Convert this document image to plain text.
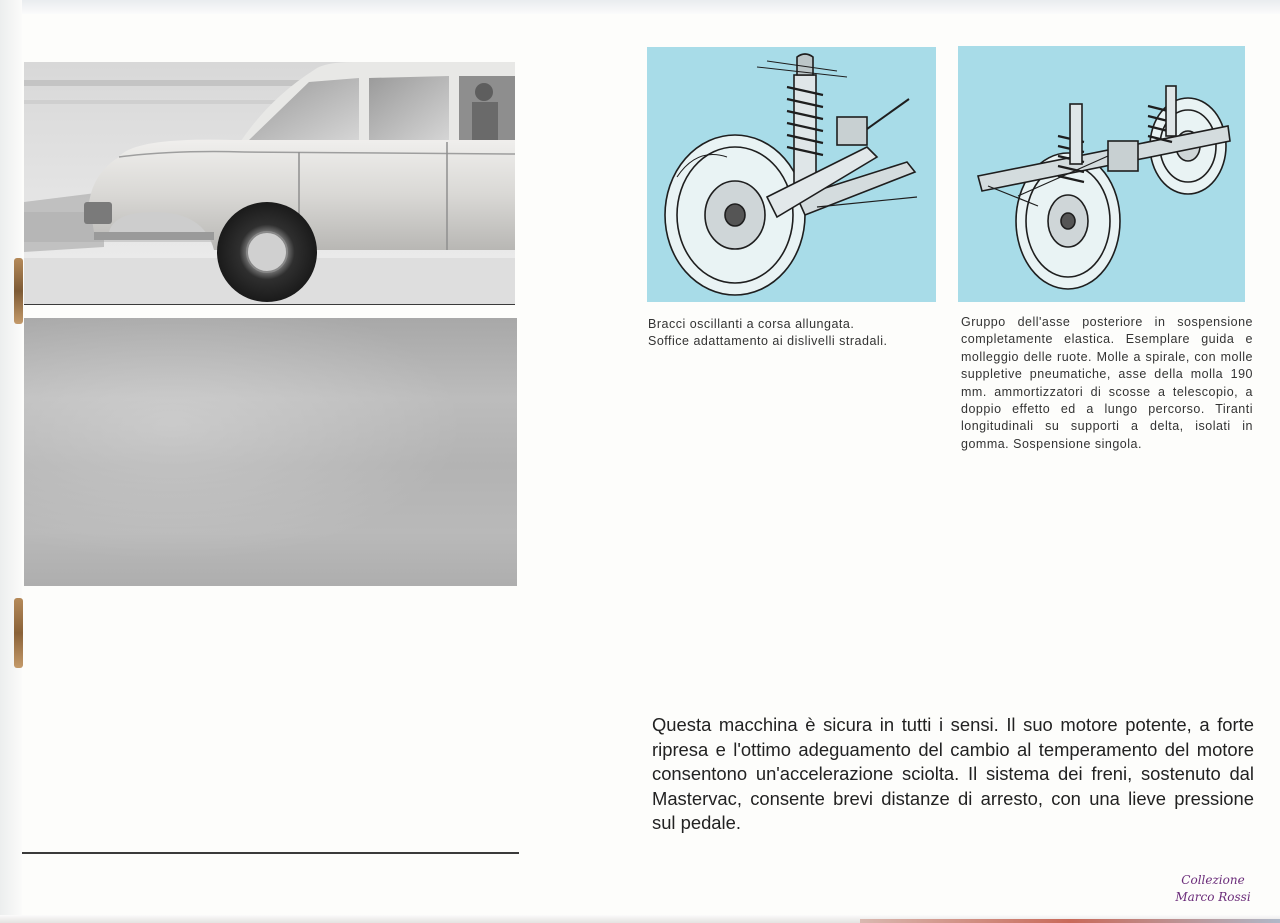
Bracci oscillanti a corsa allungata.

Soffice adattamento ai dislivelli stradali.

Gruppo dell'asse posteriore in sospensione completamente elastica. Esemplare guida e molleggio delle ruote. Molle a spirale, con molle suppletive pneumatiche, asse della molla 190 mm. ammortizzatori di scosse a telescopio, a doppio effetto ed a lungo percorso. Tiranti longitudinali su supporti a delta, isolati in gomma. Sospensione singola.

Questa macchina è sicura in tutti i sensi. Il suo motore potente, a forte ripresa e l'ottimo adeguamento del cambio al temperamento del motore consentono un'accelerazione sciolta. Il sistema dei freni, sostenuto dal Mastervac, consente brevi distanze di arresto, con una lieve pressione sul pedale.

Collezione
Marco Rossi
